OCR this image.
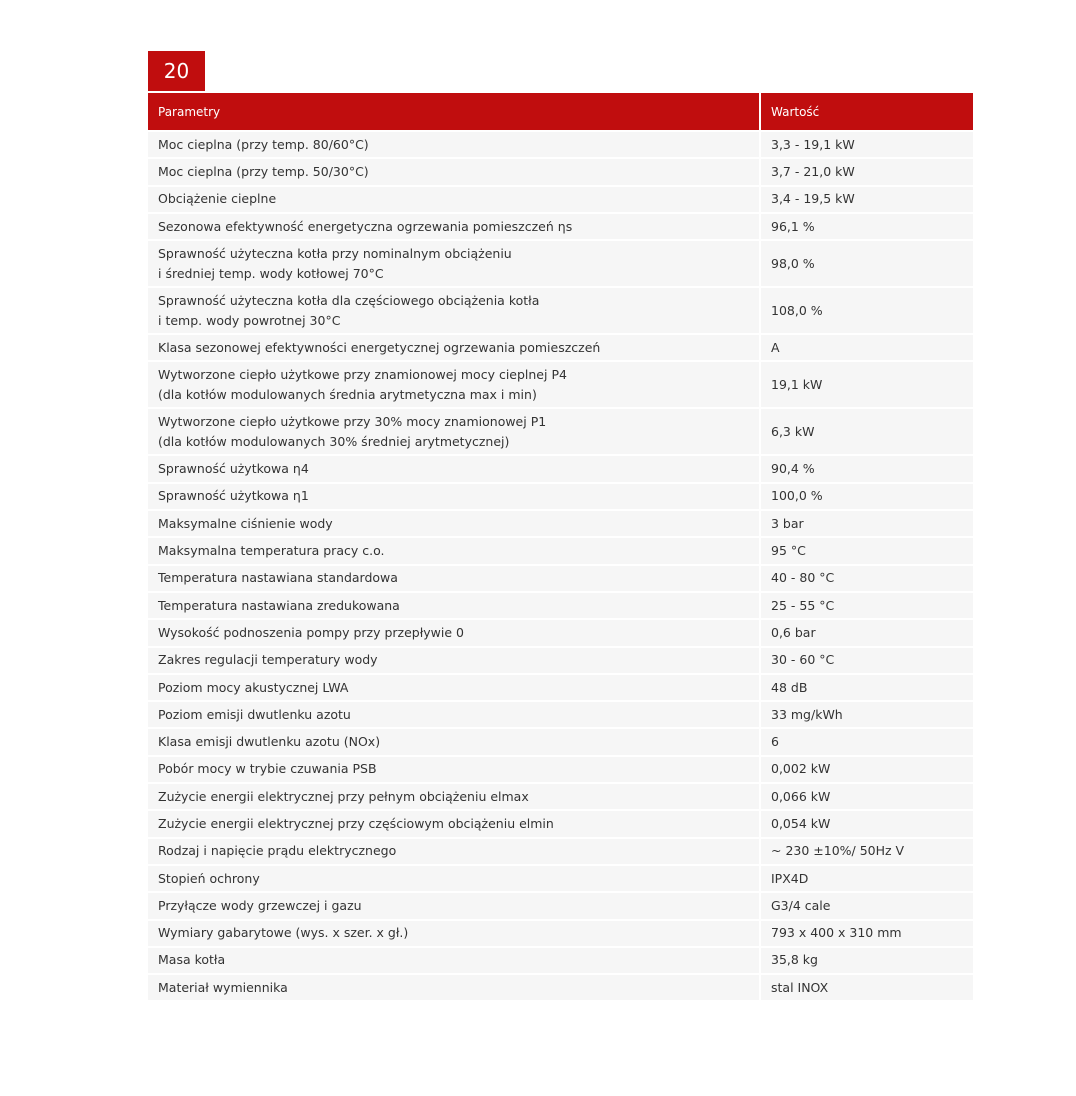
20
Parametry	Wartość

Moc cieplna (przy temp. 80/60°C)	3,3 - 19,1 kW

Moc cieplna (przy temp. 50/30°C)	3,7 - 21,0 kW

Obciążenie cieplne	3,4 - 19,5 kW

Sezonowa efektywność energetyczna ogrzewania pomieszczeń ηs	96,1 %

Sprawność użyteczna kotła przy nominalnym obciążeniu
i średniej temp. wody kotłowej 70°C	98,0 %

Sprawność użyteczna kotła dla częściowego obciążenia kotła
i temp. wody powrotnej 30°C	108,0 %

Klasa sezonowej efektywności energetycznej ogrzewania pomieszczeń	A

Wytworzone ciepło użytkowe przy znamionowej mocy cieplnej P4
(dla kotłów modulowanych średnia arytmetyczna max i min)	19,1 kW

Wytworzone ciepło użytkowe przy 30% mocy znamionowej P1
(dla kotłów modulowanych 30% średniej arytmetycznej)	6,3 kW

Sprawność użytkowa η4	90,4 %

Sprawność użytkowa η1	100,0 %

Maksymalne ciśnienie wody	3 bar

Maksymalna temperatura pracy c.o.	95 °C

Temperatura nastawiana standardowa	40 - 80 °C

Temperatura nastawiana zredukowana	25 - 55 °C

Wysokość podnoszenia pompy przy przepływie 0	0,6 bar

Zakres regulacji temperatury wody	30 - 60 °C

Poziom mocy akustycznej LWA	48 dB

Poziom emisji dwutlenku azotu	33 mg/kWh

Klasa emisji dwutlenku azotu (NOx)	6

Pobór mocy w trybie czuwania PSB	0,002 kW

Zużycie energii elektrycznej przy pełnym obciążeniu elmax	0,066 kW

Zużycie energii elektrycznej przy częściowym obciążeniu elmin	0,054 kW

Rodzaj i napięcie prądu elektrycznego	~ 230 ±10%/ 50Hz V

Stopień ochrony	IPX4D

Przyłącze wody grzewczej i gazu	G3/4 cale

Wymiary gabarytowe (wys. x szer. x gł.)	793 x 400 x 310 mm

Masa kotła	35,8 kg

Materiał wymiennika	stal INOX
